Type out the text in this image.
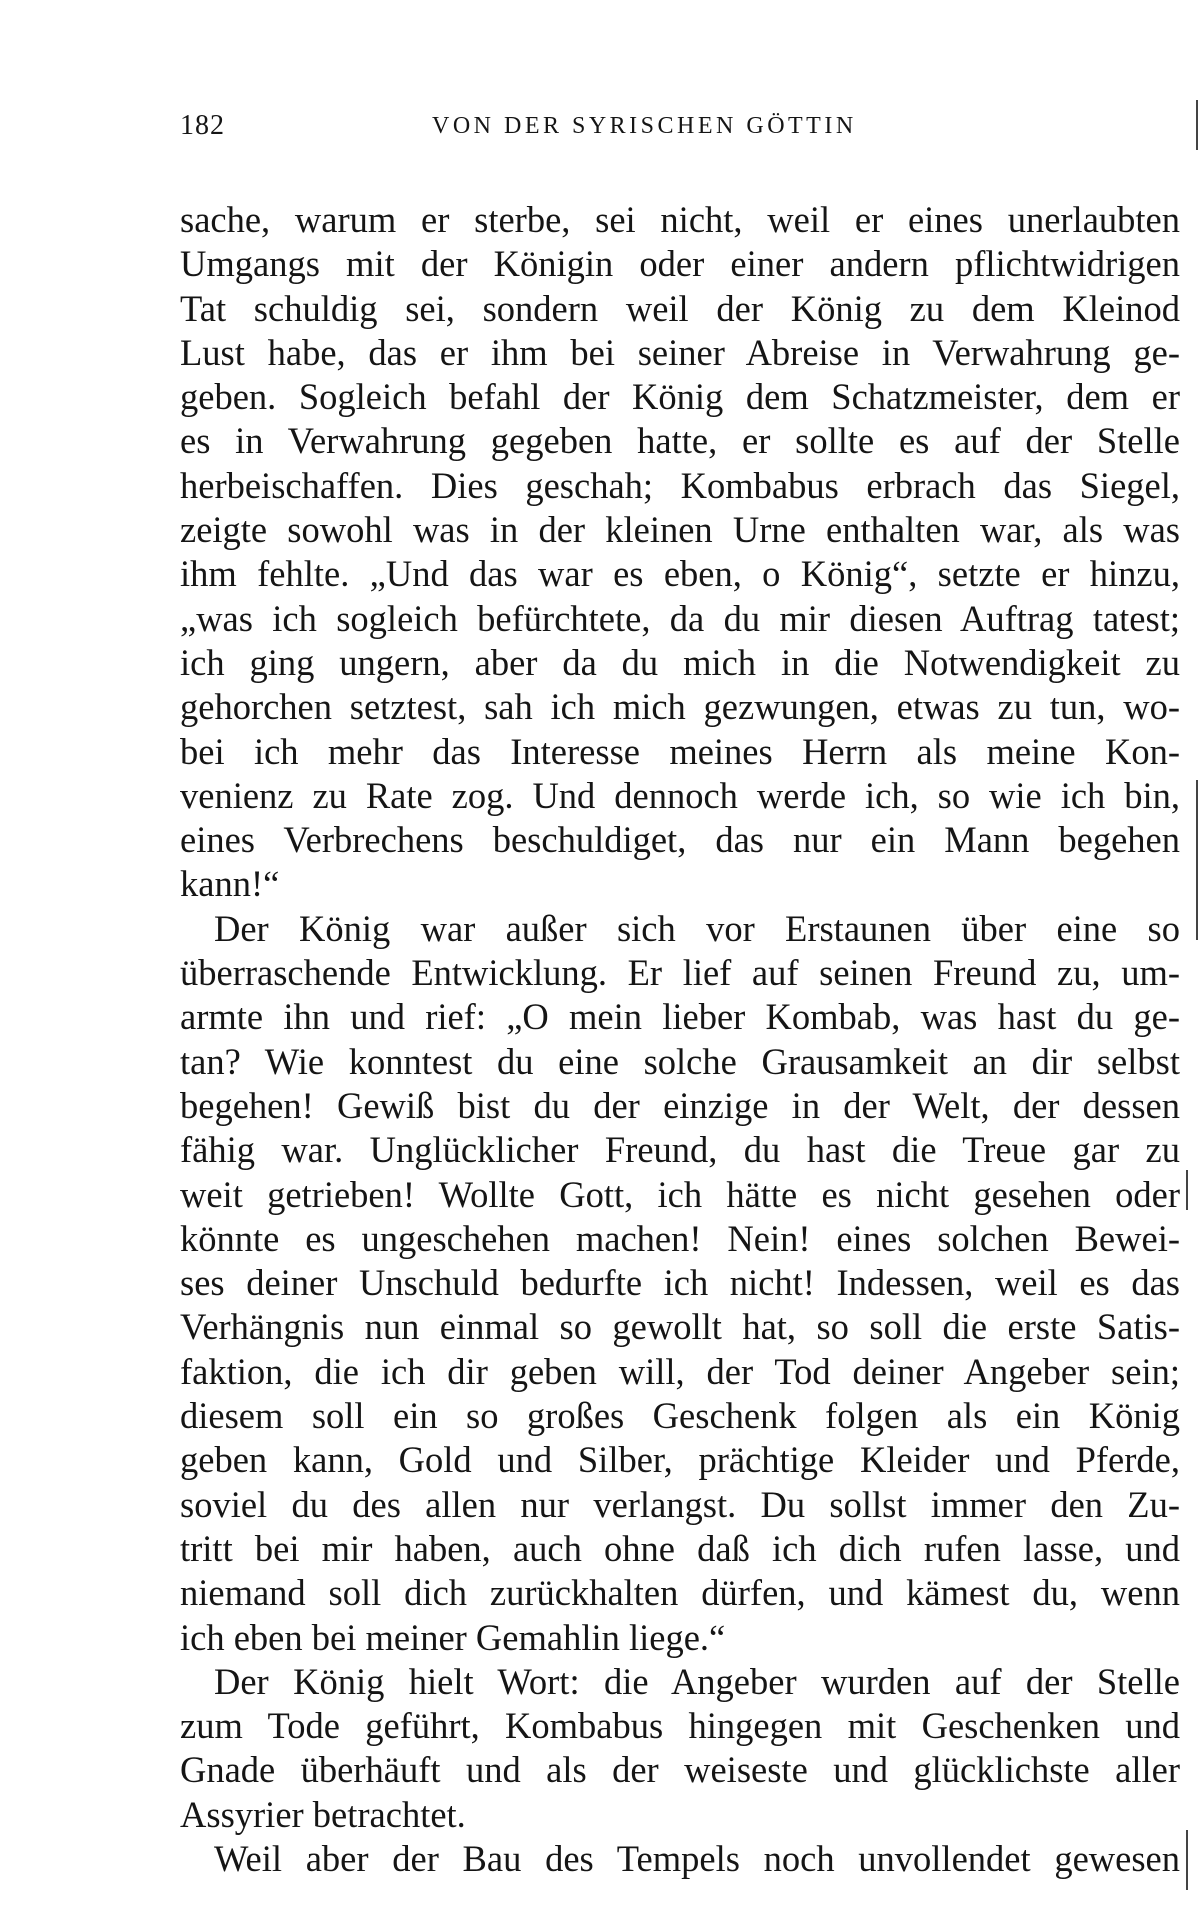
182	VON DER SYRISCHEN GÖTTIN
sache, warum er sterbe, sei nicht, weil er eines unerlaubten
Umgangs mit der Königin oder einer andern pflichtwidrigen
Tat schuldig sei, sondern weil der König zu dem Kleinod
Lust habe, das er ihm bei seiner Abreise in Verwahrung ge-
geben. Sogleich befahl der König dem Schatzmeister, dem er
es in Verwahrung gegeben hatte, er sollte es auf der Stelle
herbeischaffen. Dies geschah; Kombabus erbrach das Siegel,
zeigte sowohl was in der kleinen Urne enthalten war, als was
ihm fehlte. „Und das war es eben, o König“, setzte er hinzu,
„was ich sogleich befürchtete, da du mir diesen Auftrag tatest;
ich ging ungern, aber da du mich in die Notwendigkeit zu
gehorchen setztest, sah ich mich gezwungen, etwas zu tun, wo-
bei ich mehr das Interesse meines Herrn als meine Kon-
venienz zu Rate zog. Und dennoch werde ich, so wie ich bin,
eines Verbrechens beschuldiget, das nur ein Mann begehen
kann!“
Der König war außer sich vor Erstaunen über eine so
überraschende Entwicklung. Er lief auf seinen Freund zu, um-
armte ihn und rief: „O mein lieber Kombab, was hast du ge-
tan? Wie konntest du eine solche Grausamkeit an dir selbst
begehen! Gewiß bist du der einzige in der Welt, der dessen
fähig war. Unglücklicher Freund, du hast die Treue gar zu
weit getrieben! Wollte Gott, ich hätte es nicht gesehen oder
könnte es ungeschehen machen! Nein! eines solchen Bewei-
ses deiner Unschuld bedurfte ich nicht! Indessen, weil es das
Verhängnis nun einmal so gewollt hat, so soll die erste Satis-
faktion, die ich dir geben will, der Tod deiner Angeber sein;
diesem soll ein so großes Geschenk folgen als ein König
geben kann, Gold und Silber, prächtige Kleider und Pferde,
soviel du des allen nur verlangst. Du sollst immer den Zu-
tritt bei mir haben, auch ohne daß ich dich rufen lasse, und
niemand soll dich zurückhalten dürfen, und kämest du, wenn
ich eben bei meiner Gemahlin liege.“
Der König hielt Wort: die Angeber wurden auf der Stelle
zum Tode geführt, Kombabus hingegen mit Geschenken und
Gnade überhäuft und als der weiseste und glücklichste aller
Assyrier betrachtet.
Weil aber der Bau des Tempels noch unvollendet gewesen
